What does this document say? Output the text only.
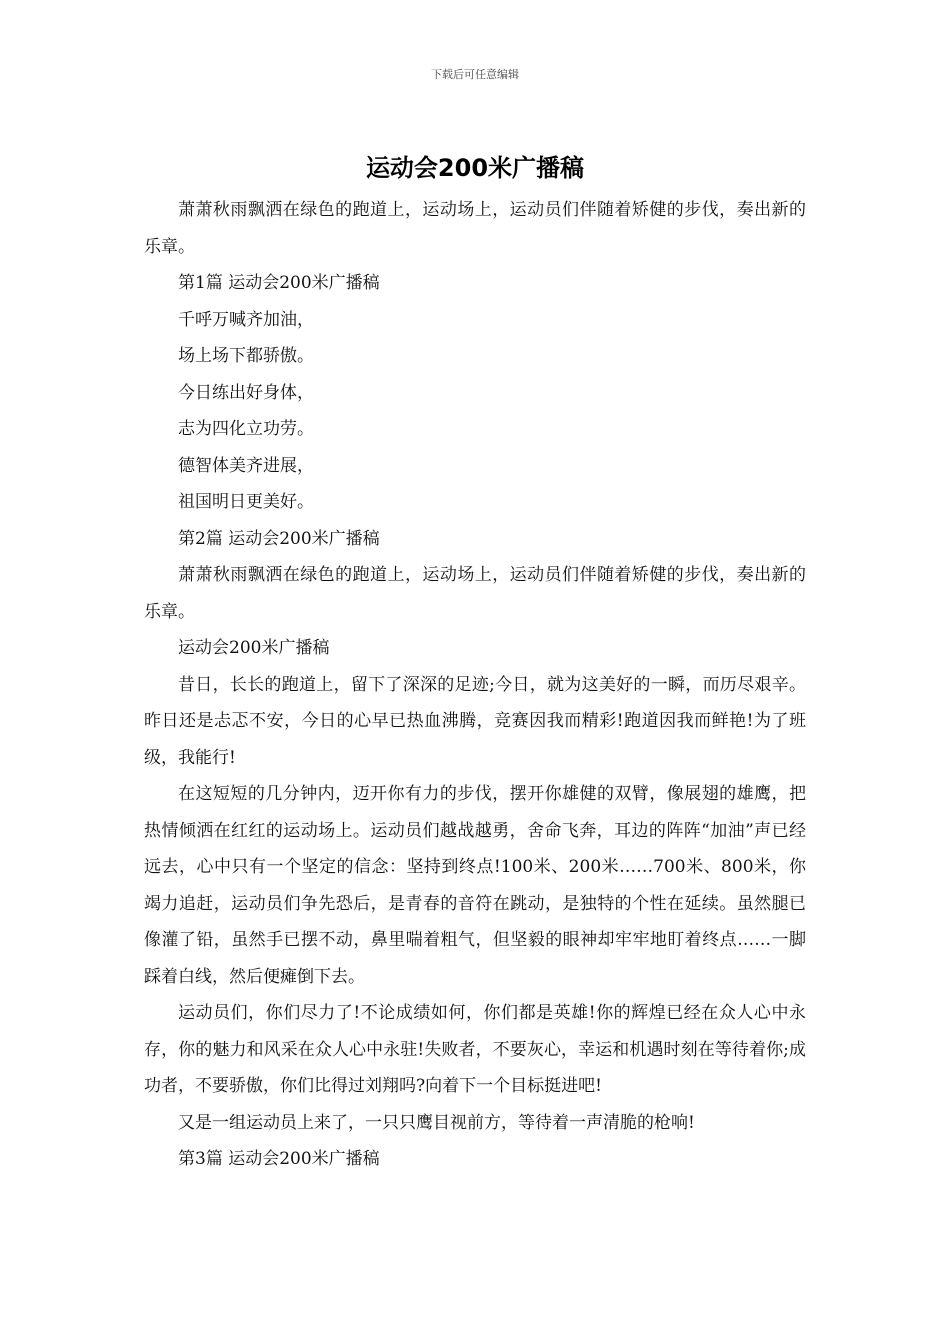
下载后可任意编辑
运动会200米广播稿

萧萧秋雨飘洒在绿色的跑道上，运动场上，运动员们伴随着矫健的步伐，奏出新的乐章。

第1篇 运动会200米广播稿

千呼万喊齐加油，

场上场下都骄傲。

今日练出好身体，

志为四化立功劳。

德智体美齐进展，

祖国明日更美好。

第2篇 运动会200米广播稿

萧萧秋雨飘洒在绿色的跑道上，运动场上，运动员们伴随着矫健的步伐，奏出新的乐章。

运动会200米广播稿

昔日，长长的跑道上，留下了深深的足迹;今日，就为这美好的一瞬，而历尽艰辛。昨日还是忐忑不安，今日的心早已热血沸腾，竞赛因我而精彩!跑道因我而鲜艳!为了班级，我能行!

在这短短的几分钟内，迈开你有力的步伐，摆开你雄健的双臂，像展翅的雄鹰，把热情倾洒在红红的运动场上。运动员们越战越勇，舍命飞奔，耳边的阵阵“加油”声已经远去，心中只有一个坚定的信念：坚持到终点!100米、200米……700米、800米，你竭力追赶，运动员们争先恐后，是青春的音符在跳动，是独特的个性在延续。虽然腿已像灌了铅，虽然手已摆不动，鼻里喘着粗气，但坚毅的眼神却牢牢地盯着终点……一脚踩着白线，然后便瘫倒下去。

运动员们，你们尽力了!不论成绩如何，你们都是英雄!你的辉煌已经在众人心中永存，你的魅力和风采在众人心中永驻!失败者，不要灰心，幸运和机遇时刻在等待着你;成功者，不要骄傲，你们比得过刘翔吗?向着下一个目标挺进吧!

又是一组运动员上来了，一只只鹰目视前方，等待着一声清脆的枪响!

第3篇 运动会200米广播稿
